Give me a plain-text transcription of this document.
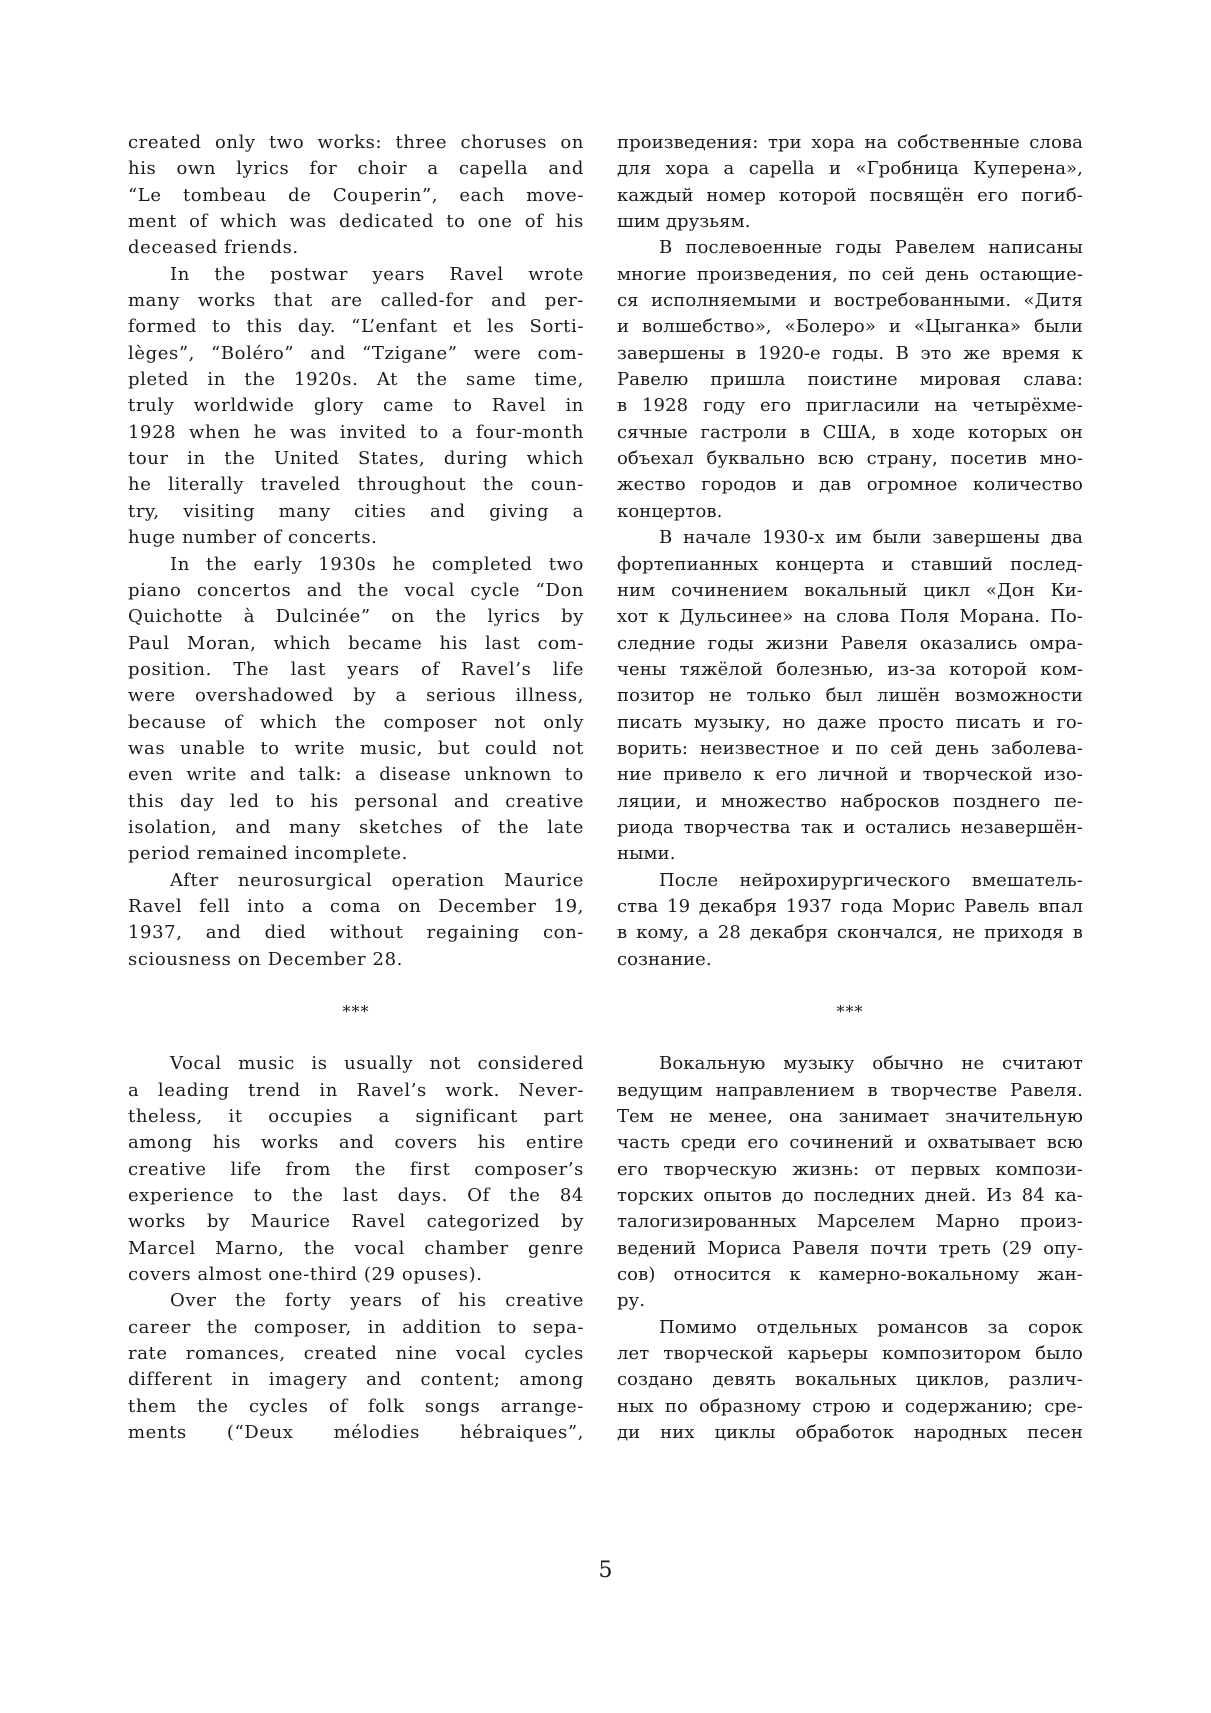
created only two works: three choruses on
his own lyrics for choir a capella and
“Le tombeau de Couperin”, each move-
ment of which was dedicated to one of his
deceased friends.
In the postwar years Ravel wrote
many works that are called-for and per-
formed to this day. “L’enfant et les Sorti-
lèges”, “Boléro” and “Tzigane” were com-
pleted in the 1920s. At the same time,
truly worldwide glory came to Ravel in
1928 when he was invited to a four-month
tour in the United States, during which
he literally traveled throughout the coun-
try, visiting many cities and giving a
huge number of concerts.
In the early 1930s he completed two
piano concertos and the vocal cycle “Don
Quichotte à Dulcinée” on the lyrics by
Paul Moran, which became his last com-
position. The last years of Ravel’s life
were overshadowed by a serious illness,
because of which the composer not only
was unable to write music, but could not
even write and talk: a disease unknown to
this day led to his personal and creative
isolation, and many sketches of the late
period remained incomplete.
After neurosurgical operation Maurice
Ravel fell into a coma on December 19,
1937, and died without regaining con-
sciousness on December 28.
***
Vocal music is usually not considered
a leading trend in Ravel’s work. Never-
theless, it occupies a significant part
among his works and covers his entire
creative life from the first composer’s
experience to the last days. Of the 84
works by Maurice Ravel categorized by
Marcel Marno, the vocal chamber genre
covers almost one-third (29 opuses).
Over the forty years of his creative
career the composer, in addition to sepa-
rate romances, created nine vocal cycles
different in imagery and content; among
them the cycles of folk songs arrange-
ments (“Deux mélodies hébraiques”,
произведения: три хора на собственные слова
для хора a capella и «Гробница Куперена»,
каждый номер которой посвящён его погиб-
шим друзьям.
В послевоенные годы Равелем написаны
многие произведения, по сей день остающие-
ся исполняемыми и востребованными. «Дитя
и волшебство», «Болеро» и «Цыганка» были
завершены в 1920-е годы. В это же время к
Равелю пришла поистине мировая слава:
в 1928 году его пригласили на четырёхме-
сячные гастроли в США, в ходе которых он
объехал буквально всю страну, посетив мно-
жество городов и дав огромное количество
концертов.
В начале 1930-х им были завершены два
фортепианных концерта и ставший послед-
ним сочинением вокальный цикл «Дон Ки-
хот к Дульсинее» на слова Поля Морана. По-
следние годы жизни Равеля оказались омра-
чены тяжёлой болезнью, из-за которой ком-
позитор не только был лишён возможности
писать музыку, но даже просто писать и го-
ворить: неизвестное и по сей день заболева-
ние привело к его личной и творческой изо-
ляции, и множество набросков позднего пе-
риода творчества так и остались незавершён-
ными.
После нейрохирургического вмешатель-
ства 19 декабря 1937 года Морис Равель впал
в кому, а 28 декабря скончался, не приходя в
сознание.
***
Вокальную музыку обычно не считают
ведущим направлением в творчестве Равеля.
Тем не менее, она занимает значительную
часть среди его сочинений и охватывает всю
его творческую жизнь: от первых компози-
торских опытов до последних дней. Из 84 ка-
талогизированных Марселем Марно произ-
ведений Мориса Равеля почти треть (29 опу-
сов) относится к камерно-вокальному жан-
ру.
Помимо отдельных романсов за сорок
лет творческой карьеры композитором было
создано девять вокальных циклов, различ-
ных по образному строю и содержанию; сре-
ди них циклы обработок народных песен
5
